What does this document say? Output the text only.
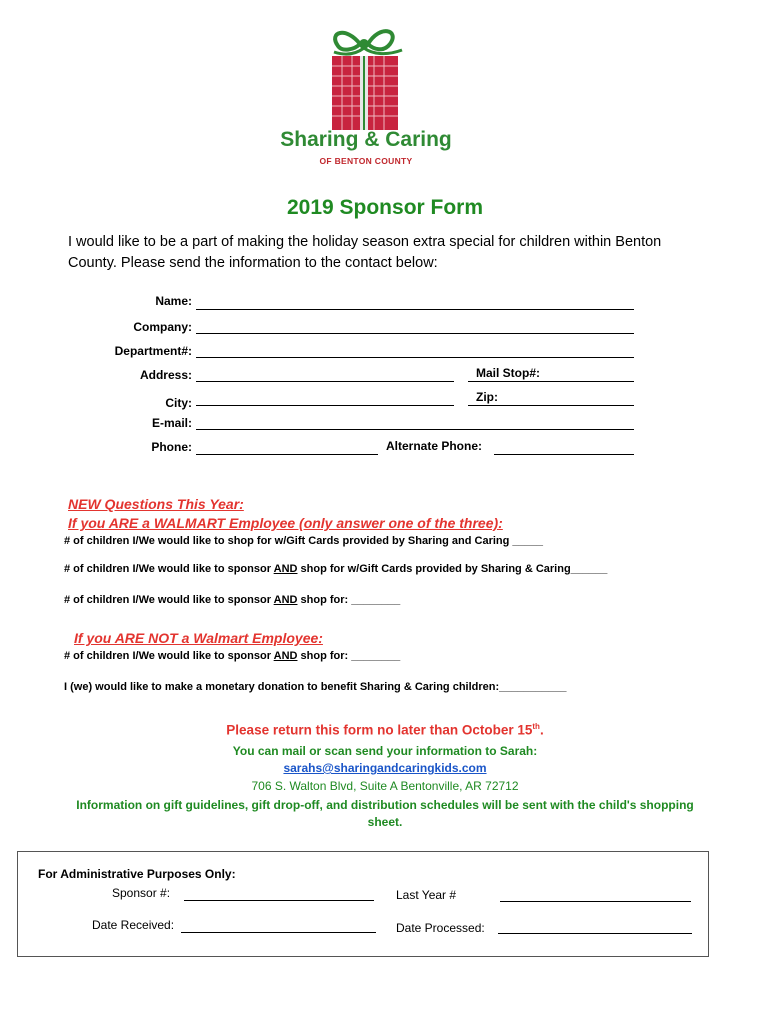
Sharing & Caring
OF BENTON COUNTY
2019 Sponsor Form
I would like to be a part of making the holiday season extra special for children within Benton County. Please send the information to the contact below:
Name:
Company:
Department#:
Address:	Mail Stop#:
City:	Zip:
E-mail:
Phone:	Alternate Phone:
NEW Questions This Year:
If you ARE a WALMART Employee (only answer one of the three):
# of children I/We would like to shop for w/Gift Cards provided by Sharing and Caring _____
# of children I/We would like to sponsor AND shop for w/Gift Cards provided by Sharing & Caring______
# of children I/We would like to sponsor AND shop for: ________
If you ARE NOT a Walmart Employee:
# of children I/We would like to sponsor AND shop for: ________
I (we) would like to make a monetary donation to benefit Sharing & Caring children:___________
Please return this form no later than October 15th.
You can mail or scan send your information to Sarah:
sarahs@sharingandcaringkids.com
706 S. Walton Blvd, Suite A Bentonville, AR 72712
Information on gift guidelines, gift drop-off, and distribution schedules will be sent with the child's shopping sheet.
For Administrative Purposes Only:
Sponsor #:	Last Year #
Date Received:	Date Processed:
